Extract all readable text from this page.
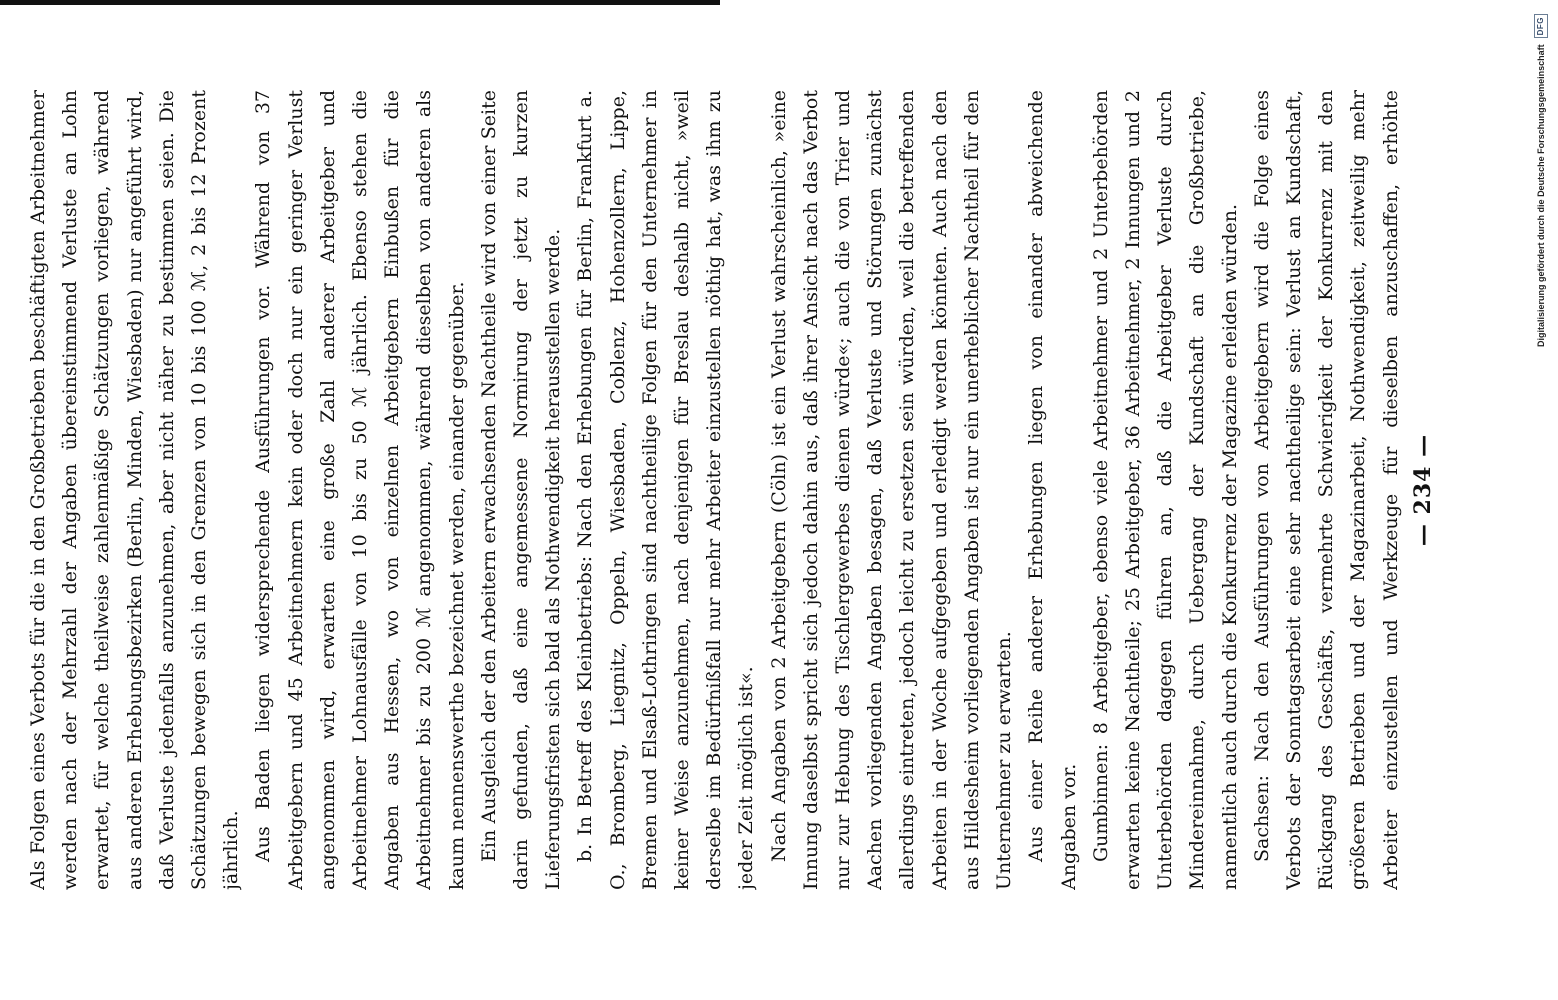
— 234 —

Als Folgen eines Verbots für die in den Großbetrieben beschäftigten Arbeitnehmer werden nach der Mehrzahl der Angaben übereinstimmend Verluste an Lohn erwartet, für welche theilweise zahlenmäßige Schätzungen vorliegen, während aus anderen Erhebungsbezirken (Berlin, Minden, Wiesbaden) nur angeführt wird, daß Verluste jedenfalls anzunehmen, aber nicht näher zu bestimmen seien. Die Schätzungen bewegen sich in den Grenzen von 10 bis 100 ℳ, 2 bis 12 Prozent jährlich. Aus Baden liegen widersprechende Ausführungen vor. Während von 37 Arbeitgebern und 45 Arbeitnehmern kein oder doch nur ein geringer Verlust angenommen wird, erwarten eine große Zahl anderer Arbeitgeber und Arbeitnehmer Lohnausfälle von 10 bis zu 50 ℳ jährlich. Ebenso stehen die Angaben aus Hessen, wo von einzelnen Arbeitgebern Einbußen für die Arbeitnehmer bis zu 200 ℳ angenommen, während dieselben von anderen als kaum nennenswerthe bezeichnet werden, einander gegenüber. Ein Ausgleich der den Arbeitern erwachsenden Nachtheile wird von einer Seite darin gefunden, daß eine angemessene Normirung der jetzt zu kurzen Lieferungsfristen sich bald als Nothwendigkeit herausstellen werde. b. In Betreff des Kleinbetriebs: Nach den Erhebungen für Berlin, Frankfurt a. O., Bromberg, Liegnitz, Oppeln, Wiesbaden, Coblenz, Hohenzollern, Lippe, Bremen und Elsaß-Lothringen sind nachtheilige Folgen für den Unternehmer in keiner Weise anzunehmen, nach denjenigen für Breslau deshalb nicht, »weil derselbe im Bedürfnißfall nur mehr Arbeiter einzustellen nöthig hat, was ihm zu jeder Zeit möglich ist«. Nach Angaben von 2 Arbeitgebern (Cöln) ist ein Verlust wahrscheinlich, »eine Innung daselbst spricht sich jedoch dahin aus, daß ihrer Ansicht nach das Verbot nur zur Hebung des Tischlergewerbes dienen würde«; auch die von Trier und Aachen vorliegenden Angaben besagen, daß Verluste und Störungen zunächst allerdings eintreten, jedoch leicht zu ersetzen sein würden, weil die betreffenden Arbeiten in der Woche aufgegeben und erledigt werden könnten. Auch nach den aus Hildesheim vorliegenden Angaben ist nur ein unerheblicher Nachtheil für den Unternehmer zu erwarten. Aus einer Reihe anderer Erhebungen liegen von einander abweichende Angaben vor. Gumbinnen: 8 Arbeitgeber, ebenso viele Arbeitnehmer und 2 Unterbehörden erwarten keine Nachtheile; 25 Arbeitgeber, 36 Arbeitnehmer, 2 Innungen und 2 Unterbehörden dagegen führen an, daß die Arbeitgeber Verluste durch Mindereinnahme, durch Uebergang der Kundschaft an die Großbetriebe, namentlich auch durch die Konkurrenz der Magazine erleiden würden. Sachsen: Nach den Ausführungen von Arbeitgebern wird die Folge eines Verbots der Sonntagsarbeit eine sehr nachtheilige sein: Verlust an Kundschaft, Rückgang des Geschäfts, vermehrte Schwierigkeit der Konkurrenz mit den größeren Betrieben und der Magazinarbeit, Nothwendigkeit, zeitweilig mehr Arbeiter einzustellen und Werkzeuge für dieselben anzuschaffen, erhöhte	Digitalisierung gefördert durch die Deutsche Forschungsgemeinschaft
DFG
